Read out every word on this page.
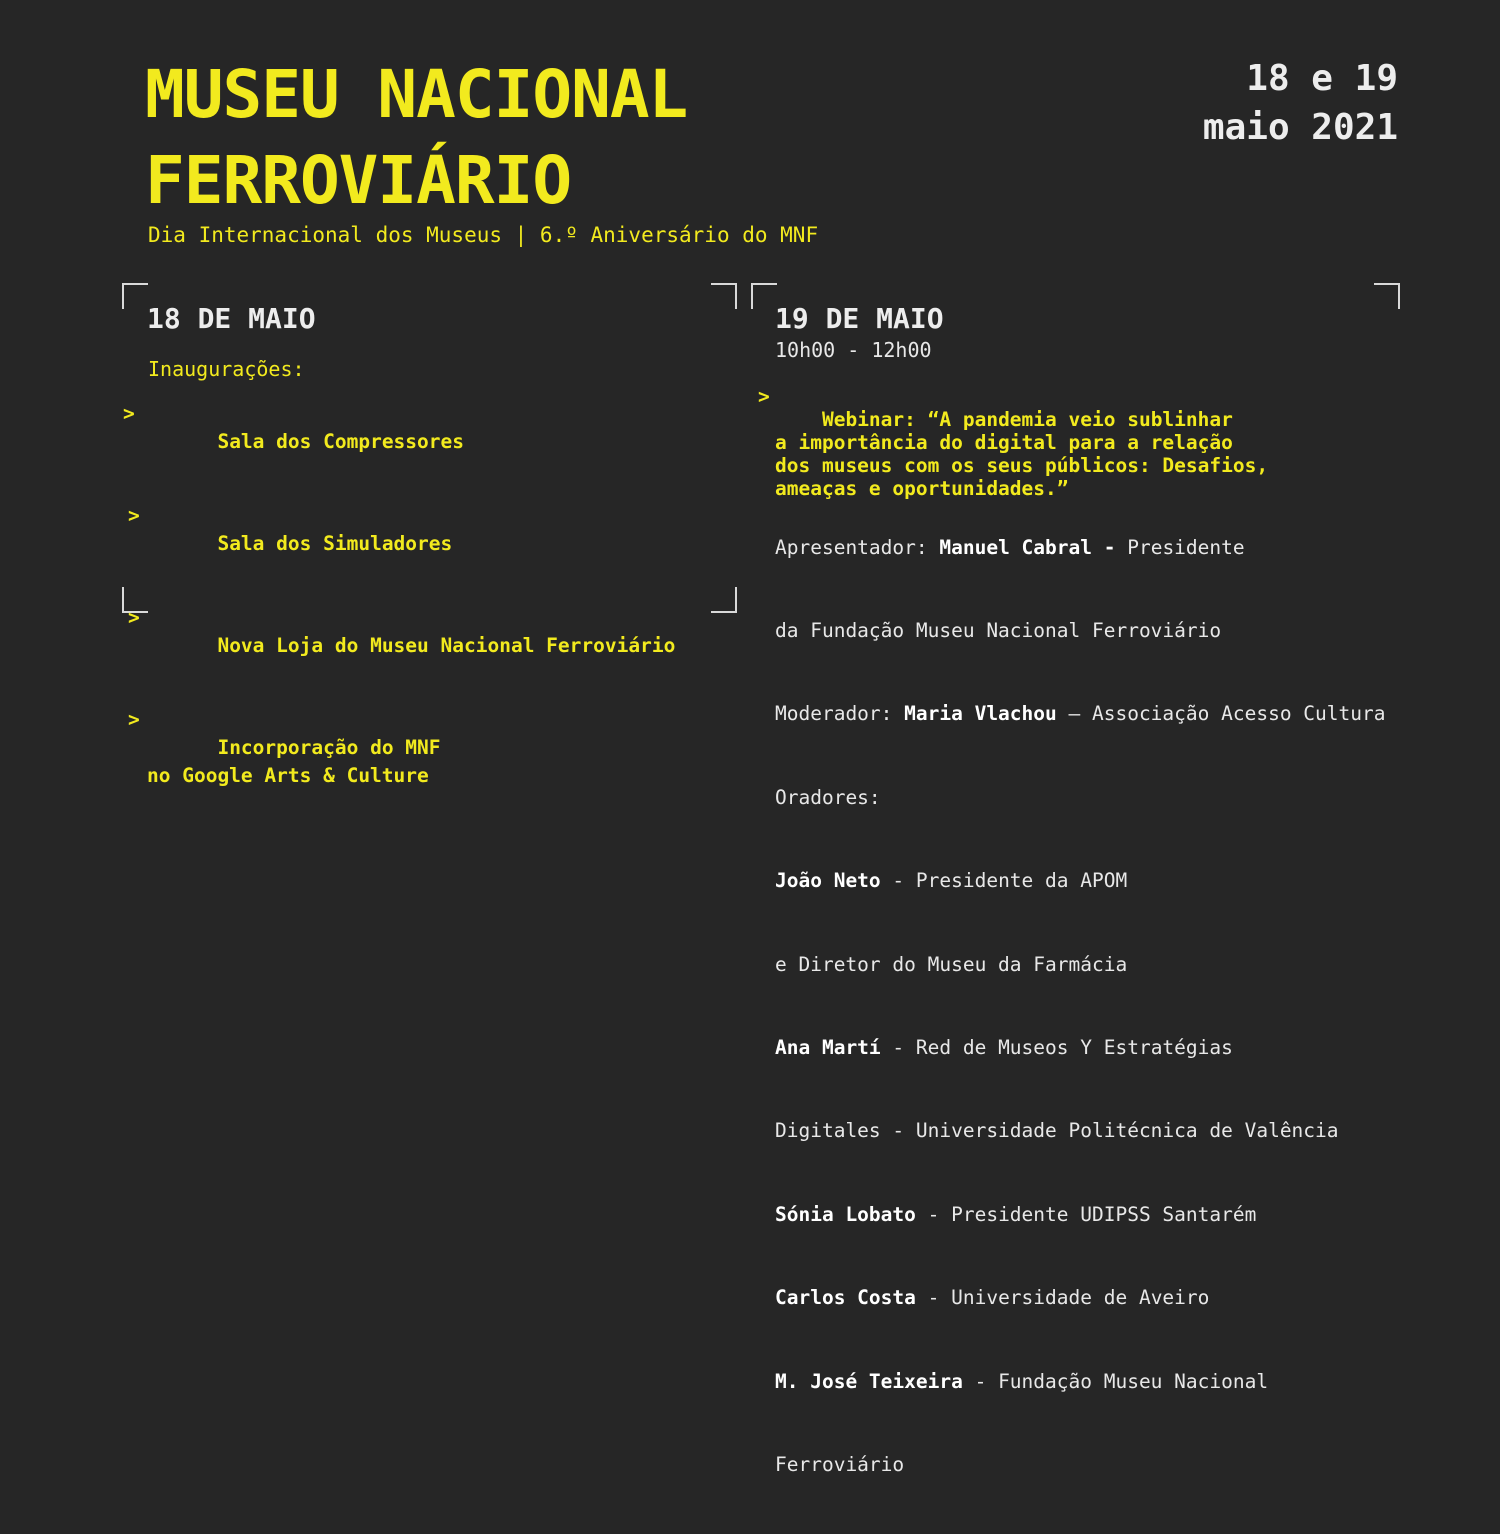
MUSEU NACIONAL
FERROVIÁRIO
Dia Internacional dos Museus | 6.º Aniversário do MNF
18 e 19
maio 2021
18 DE MAIO
Inaugurações:

>
Sala dos Compressores

>
Sala dos Simuladores

>
Nova Loja do Museu Nacional Ferroviário

>
Incorporação do MNF
no Google Arts & Culture

19 DE MAIO
10h00 - 12h00

>
Webinar: “A pandemia veio sublinhar
a importância do digital para a relação
dos museus com os seus públicos: Desafios,
ameaças e oportunidades.”

Apresentador: Manuel Cabral - Presidente

da Fundação Museu Nacional Ferroviário

Moderador: Maria Vlachou – Associação Acesso Cultura

Oradores:

João Neto - Presidente da APOM

e Diretor do Museu da Farmácia

Ana Martí - Red de Museos Y Estratégias

Digitales - Universidade Politécnica de Valência

Sónia Lobato - Presidente UDIPSS Santarém

Carlos Costa - Universidade de Aveiro

M. José Teixeira - Fundação Museu Nacional

Ferroviário
